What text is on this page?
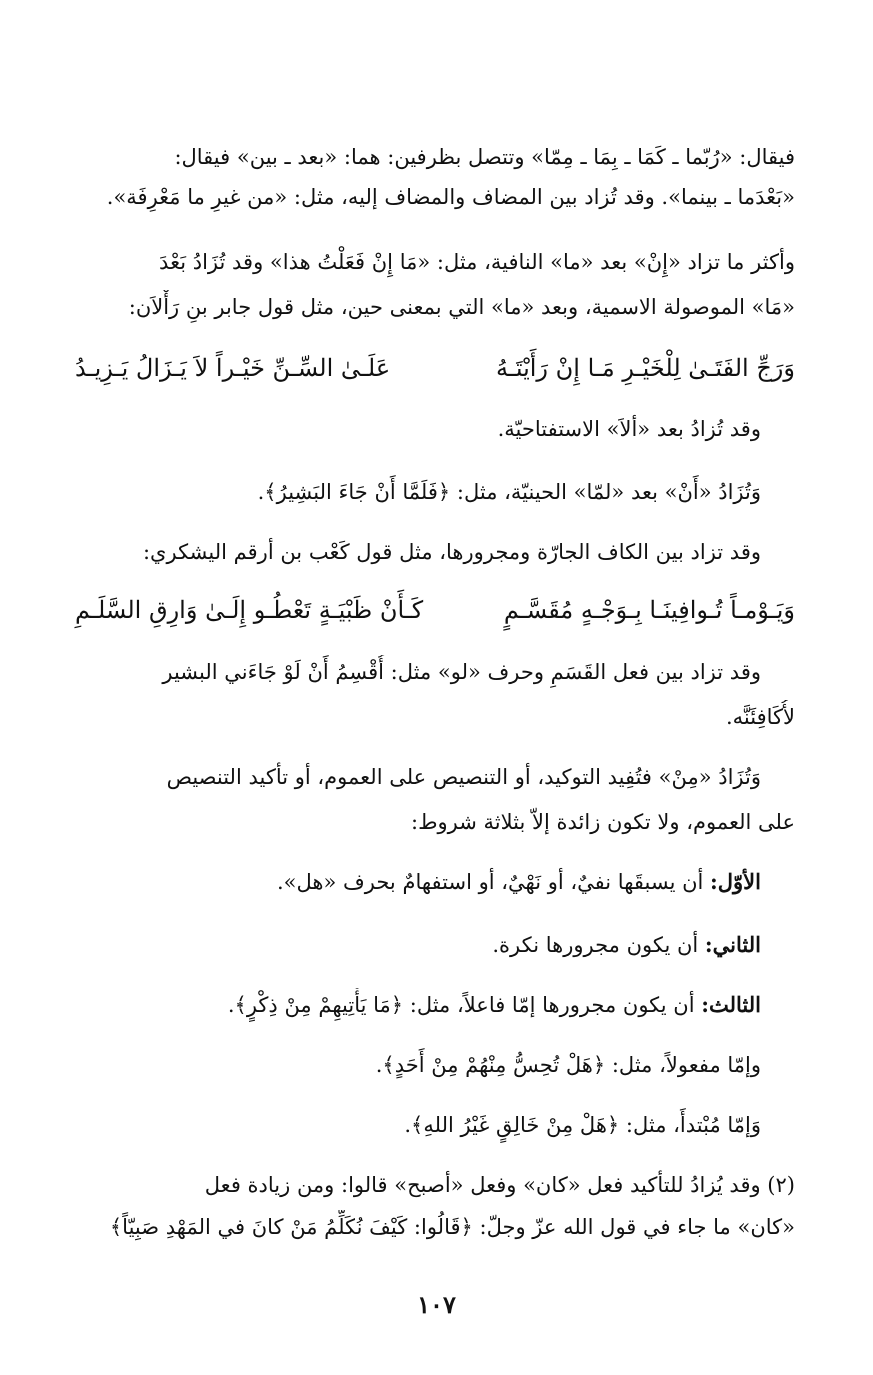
فيقال: «رُبّما ـ كَمَا ـ بِمَا ـ مِمّا» وتتصل بظرفين: هما: «بعد ـ بين» فيقال:
«بَعْدَما ـ بينما». وقد تُزاد بين المضاف والمضاف إليه، مثل: «من غيرِ ما مَعْرِفَة».
وأكثر ما تزاد «إِنْ» بعد «ما» النافية، مثل: «مَا إِنْ فَعَلْتُ هذا» وقد تُزَادُ بَعْدَ
«مَا» الموصولة الاسمية، وبعد «ما» التي بمعنى حين، مثل قول جابر بنِ رَأْلاَن:
وَرَجِّ الفَتَـىٰ لِلْخَيْـرِ مَـا إِنْ رَأَيْتَـهُ
عَلَـىٰ السِّـنِّ خَيْـراً لاَ يَـزَالُ يَـزِيـدُ
وقد تُزادُ بعد «ألاَ» الاستفتاحيّة.
وَتُزَادُ «أَنْ» بعد «لمّا» الحينيّة، مثل: ﴿فَلَمَّا أَنْ جَاءَ البَشِيرُ﴾.
وقد تزاد بين الكاف الجارّة ومجرورها، مثل قول كَعْب بن أرقم اليشكري:
وَيَـوْمـاً تُـوافِينَـا بِـوَجْـهٍ مُقَسَّـمٍ
كَـأَنْ ظَبْيَـةٍ تَعْطُـو إِلَـىٰ وَارِقِ السَّلَـمِ
وقد تزاد بين فعل القَسَمِ وحرف «لو» مثل: أُقْسِمُ أَنْ لَوْ جَاءَني البشير
لأُكَافِئَنَّه.
وَتُزَادُ «مِنْ» فتُفِيد التوكيد، أو التنصيص على العموم، أو تأكيد التنصيص
على العموم، ولا تكون زائدة إلاّ بثلاثة شروط:
الأوّل: أن يسبقَها نفيٌ، أو نَهْيٌ، أو استفهامٌ بحرف «هل».
الثاني: أن يكون مجرورها نكرة.
الثالث: أن يكون مجرورها إمّا فاعلاً، مثل: ﴿مَا يَأْتِيهِمْ مِنْ ذِكْرٍ﴾.
وإمّا مفعولاً، مثل: ﴿هَلْ تُحِسُّ مِنْهُمْ مِنْ أَحَدٍ﴾.
وَإمّا مُبْتدأً، مثل: ﴿هَلْ مِنْ خَالِقٍ غَيْرُ اللهِ﴾.
(٢) وقد يُزادُ للتأكيد فعل «كان» وفعل «أصبح» قالوا: ومن زيادة فعل
«كان» ما جاء في قول الله عزّ وجلّ: ﴿قَالُوا: كَيْفَ نُكَلِّمُ مَنْ كانَ في المَهْدِ صَبِيّاً﴾
١٠٧
